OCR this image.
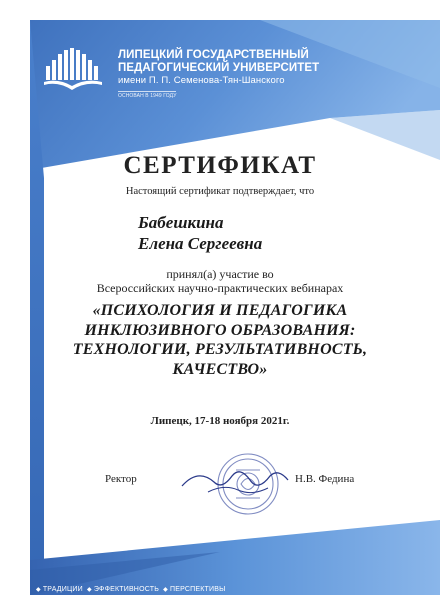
ЛИПЕЦКИЙ ГОСУДАРСТВЕННЫЙ
ПЕДАГОГИЧЕСКИЙ УНИВЕРСИТЕТ
имени П. П. Семенова-Тян-Шанского
ОСНОВАН В 1949 ГОДУ
СЕРТИФИКАТ
Настоящий сертификат подтверждает, что
Бабешкина
Елена Сергеевна
принял(а) участие во
Всероссийских научно-практических вебинарах
«ПСИХОЛОГИЯ И ПЕДАГОГИКА
ИНКЛЮЗИВНОГО ОБРАЗОВАНИЯ:
ТЕХНОЛОГИИ, РЕЗУЛЬТАТИВНОСТЬ,
КАЧЕСТВО»
Липецк, 17-18 ноября 2021г.
Ректор	Н.В. Федина
◆ ТРАДИЦИИ ◆ ЭФФЕКТИВНОСТЬ ◆ ПЕРСПЕКТИВЫ
